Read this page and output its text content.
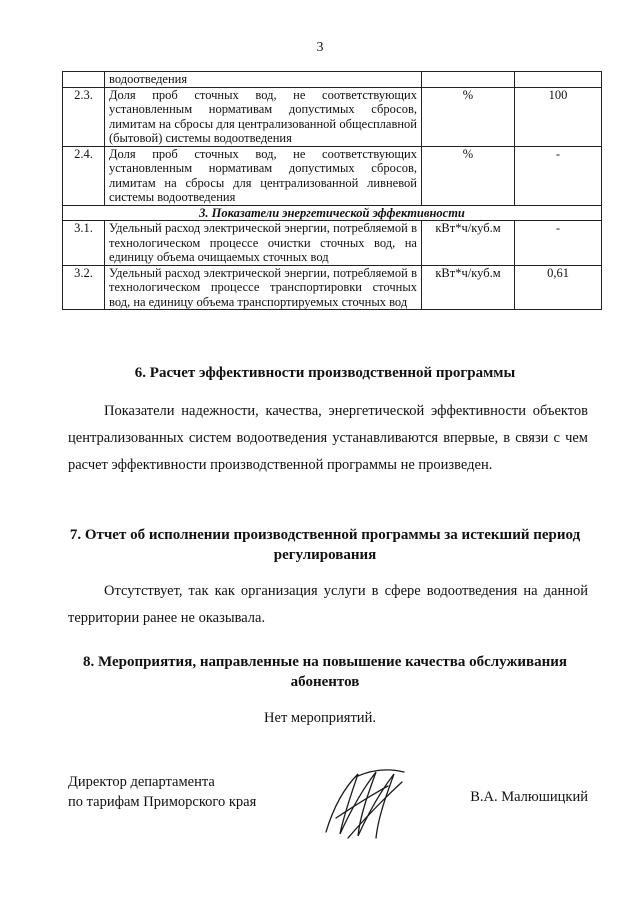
3
	водоотведения		
2.3.	Доля проб сточных вод, не соответствующих установленным нормативам допустимых сбросов, лимитам на сбросы для централизованной общесплавной (бытовой) системы водоотведения	%	100
2.4.	Доля проб сточных вод, не соответствующих установленным нормативам допустимых сбросов, лимитам на сбросы для централизованной ливневой системы водоотведения	%	-
3. Показатели энергетической эффективности			
3.1.	Удельный расход электрической энергии, потребляемой в технологическом процессе очистки сточных вод, на единицу объема очищаемых сточных вод	кВт*ч/куб.м	-
3.2.	Удельный расход электрической энергии, потребляемой в технологическом процессе транспортировки сточных вод, на единицу объема транспортируемых сточных вод	кВт*ч/куб.м	0,61
6. Расчет эффективности производственной программы
Показатели надежности, качества, энергетической эффективности объектов централизованных систем водоотведения устанавливаются впервые, в связи с чем расчет эффективности производственной программы не произведен.
7. Отчет об исполнении производственной программы за истекший период регулирования
Отсутствует, так как организация услуги в сфере водоотведения на данной территории ранее не оказывала.
8. Мероприятия, направленные на повышение качества обслуживания абонентов
Нет мероприятий.
Директор департамента
по тарифам Приморского края	В.А. Малюшицкий
